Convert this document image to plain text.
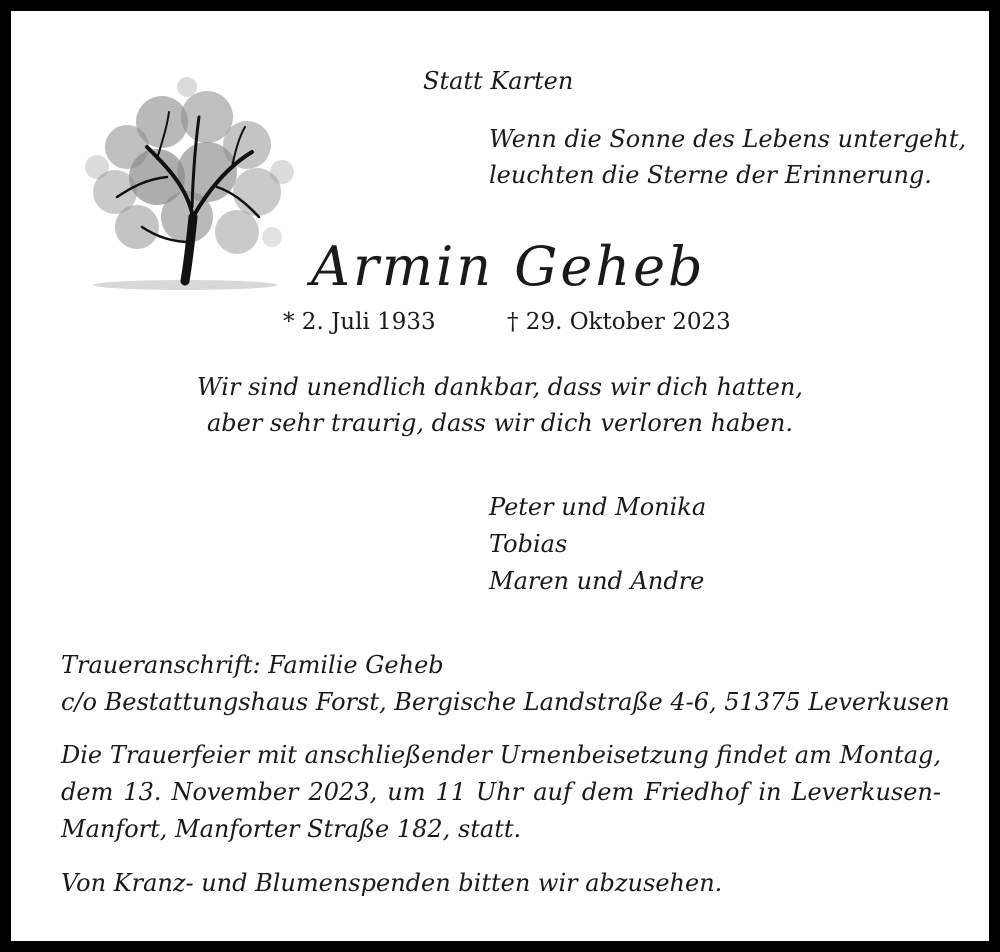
Statt Karten
Wenn die Sonne des Lebens untergeht,
leuchten die Sterne der Erinnerung.
Armin Geheb
* 2. Juli 1933	† 29. Oktober 2023
Wir sind unendlich dankbar, dass wir dich hatten,
aber sehr traurig, dass wir dich verloren haben.
Peter und Monika
Tobias
Maren und Andre
Traueranschrift: Familie Geheb
c/o Bestattungshaus Forst, Bergische Landstraße 4-6, 51375 Leverkusen
Die Trauerfeier mit anschließender Urnenbeisetzung findet am Montag, dem 13. November 2023, um 11 Uhr auf dem Friedhof in Leverkusen-Manfort, Manforter Straße 182, statt.
Von Kranz- und Blumenspenden bitten wir abzusehen.
